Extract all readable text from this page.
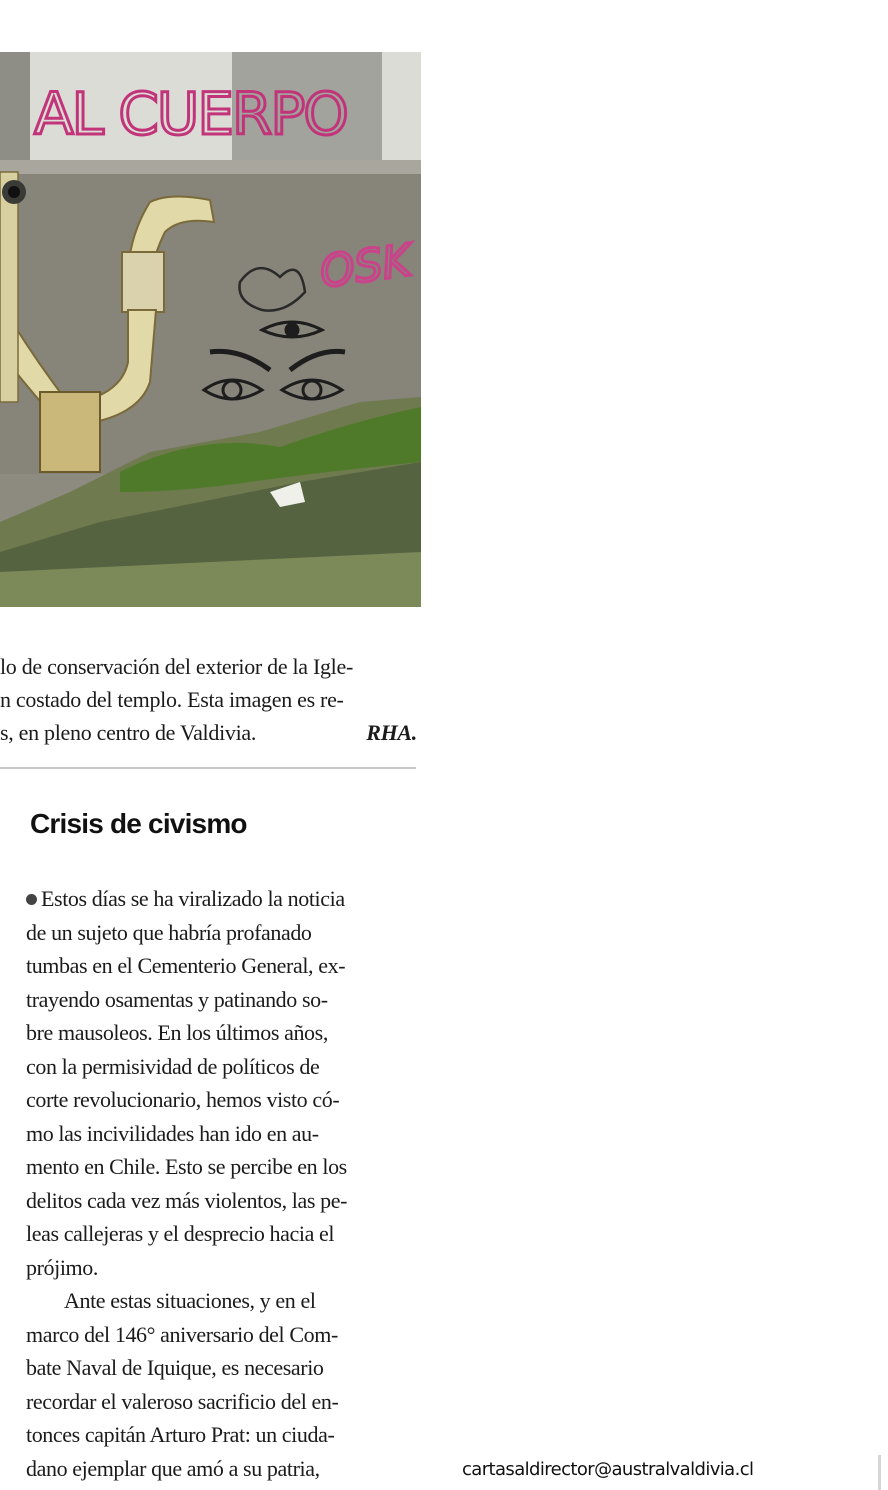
AL CUERPO
OSK
lo de conservación del exterior de la Igle-
n costado del templo. Esta imagen es re-
s, en pleno centro de Valdivia.	RHA.
Crisis de civismo
Estos días se ha viralizado la noticia
de un sujeto que habría profanado
tumbas en el Cementerio General, ex-
trayendo osamentas y patinando so-
bre mausoleos. En los últimos años,
con la permisividad de políticos de
corte revolucionario, hemos visto có-
mo las incivilidades han ido en au-
mento en Chile. Esto se percibe en los
delitos cada vez más violentos, las pe-
leas callejeras y el desprecio hacia el
prójimo.
Ante estas situaciones, y en el
marco del 146° aniversario del Com-
bate Naval de Iquique, es necesario
recordar el valeroso sacrificio del en-
tonces capitán Arturo Prat: un ciuda-
dano ejemplar que amó a su patria,	cartasaldirector@australvaldivia.cl
